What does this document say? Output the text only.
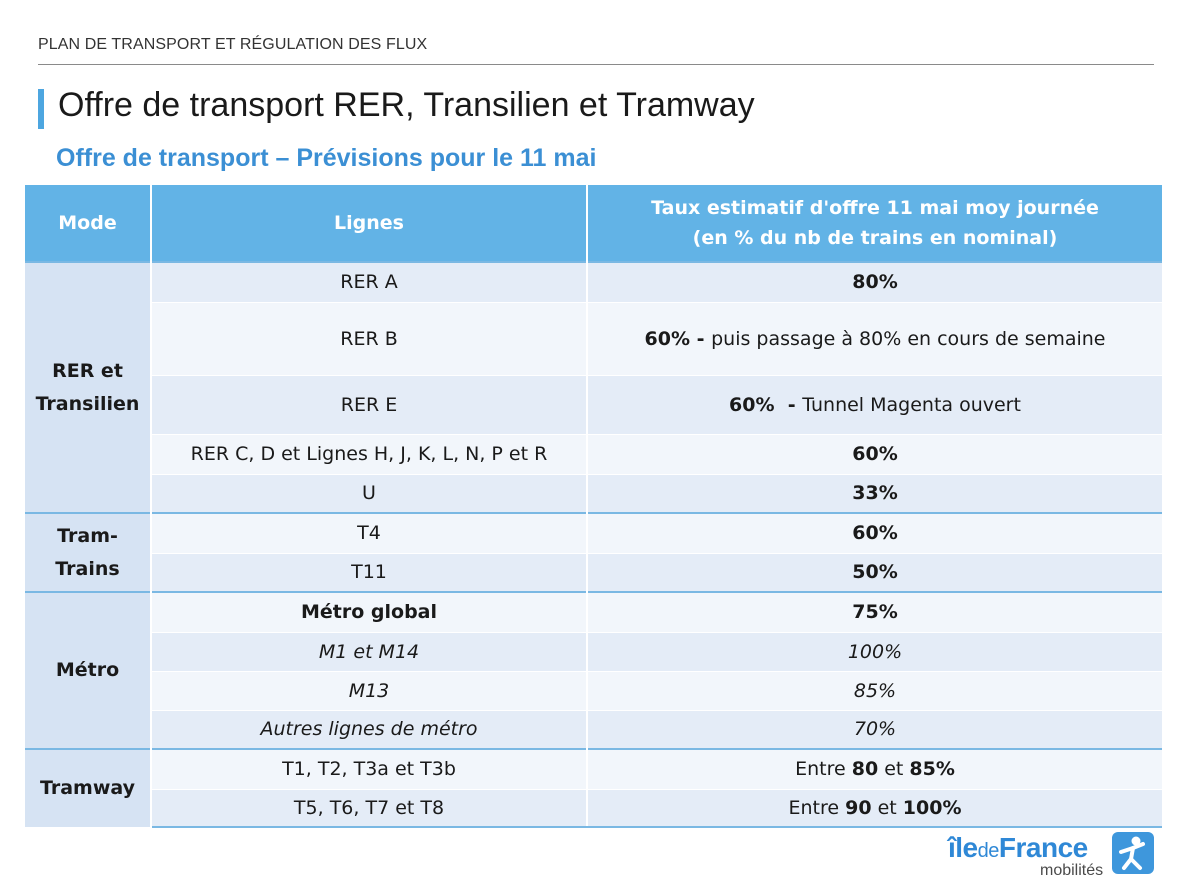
PLAN DE TRANSPORT ET RÉGULATION DES FLUX
Offre de transport RER, Transilien et Tramway
Offre de transport – Prévisions pour le 11 mai
Mode	Lignes	Taux estimatif d'offre 11 mai moy journée
(en % du nb de trains en nominal)
RER et
Transilien	RER A	80%
	RER B	60% - puis passage à 80% en cours de semaine
	RER E	60%  - Tunnel Magenta ouvert
	RER C, D et Lignes H, J, K, L, N, P et R	60%
	U	33%
Tram-
Trains	T4	60%
	T11	50%
Métro	Métro global	75%
	M1 et M14	100%
	M13	85%
	Autres lignes de métro	70%
Tramway	T1, T2, T3a et T3b	Entre 80 et 85%
	T5, T6, T7 et T8	Entre 90 et 100%
îledeFrance
mobilités
